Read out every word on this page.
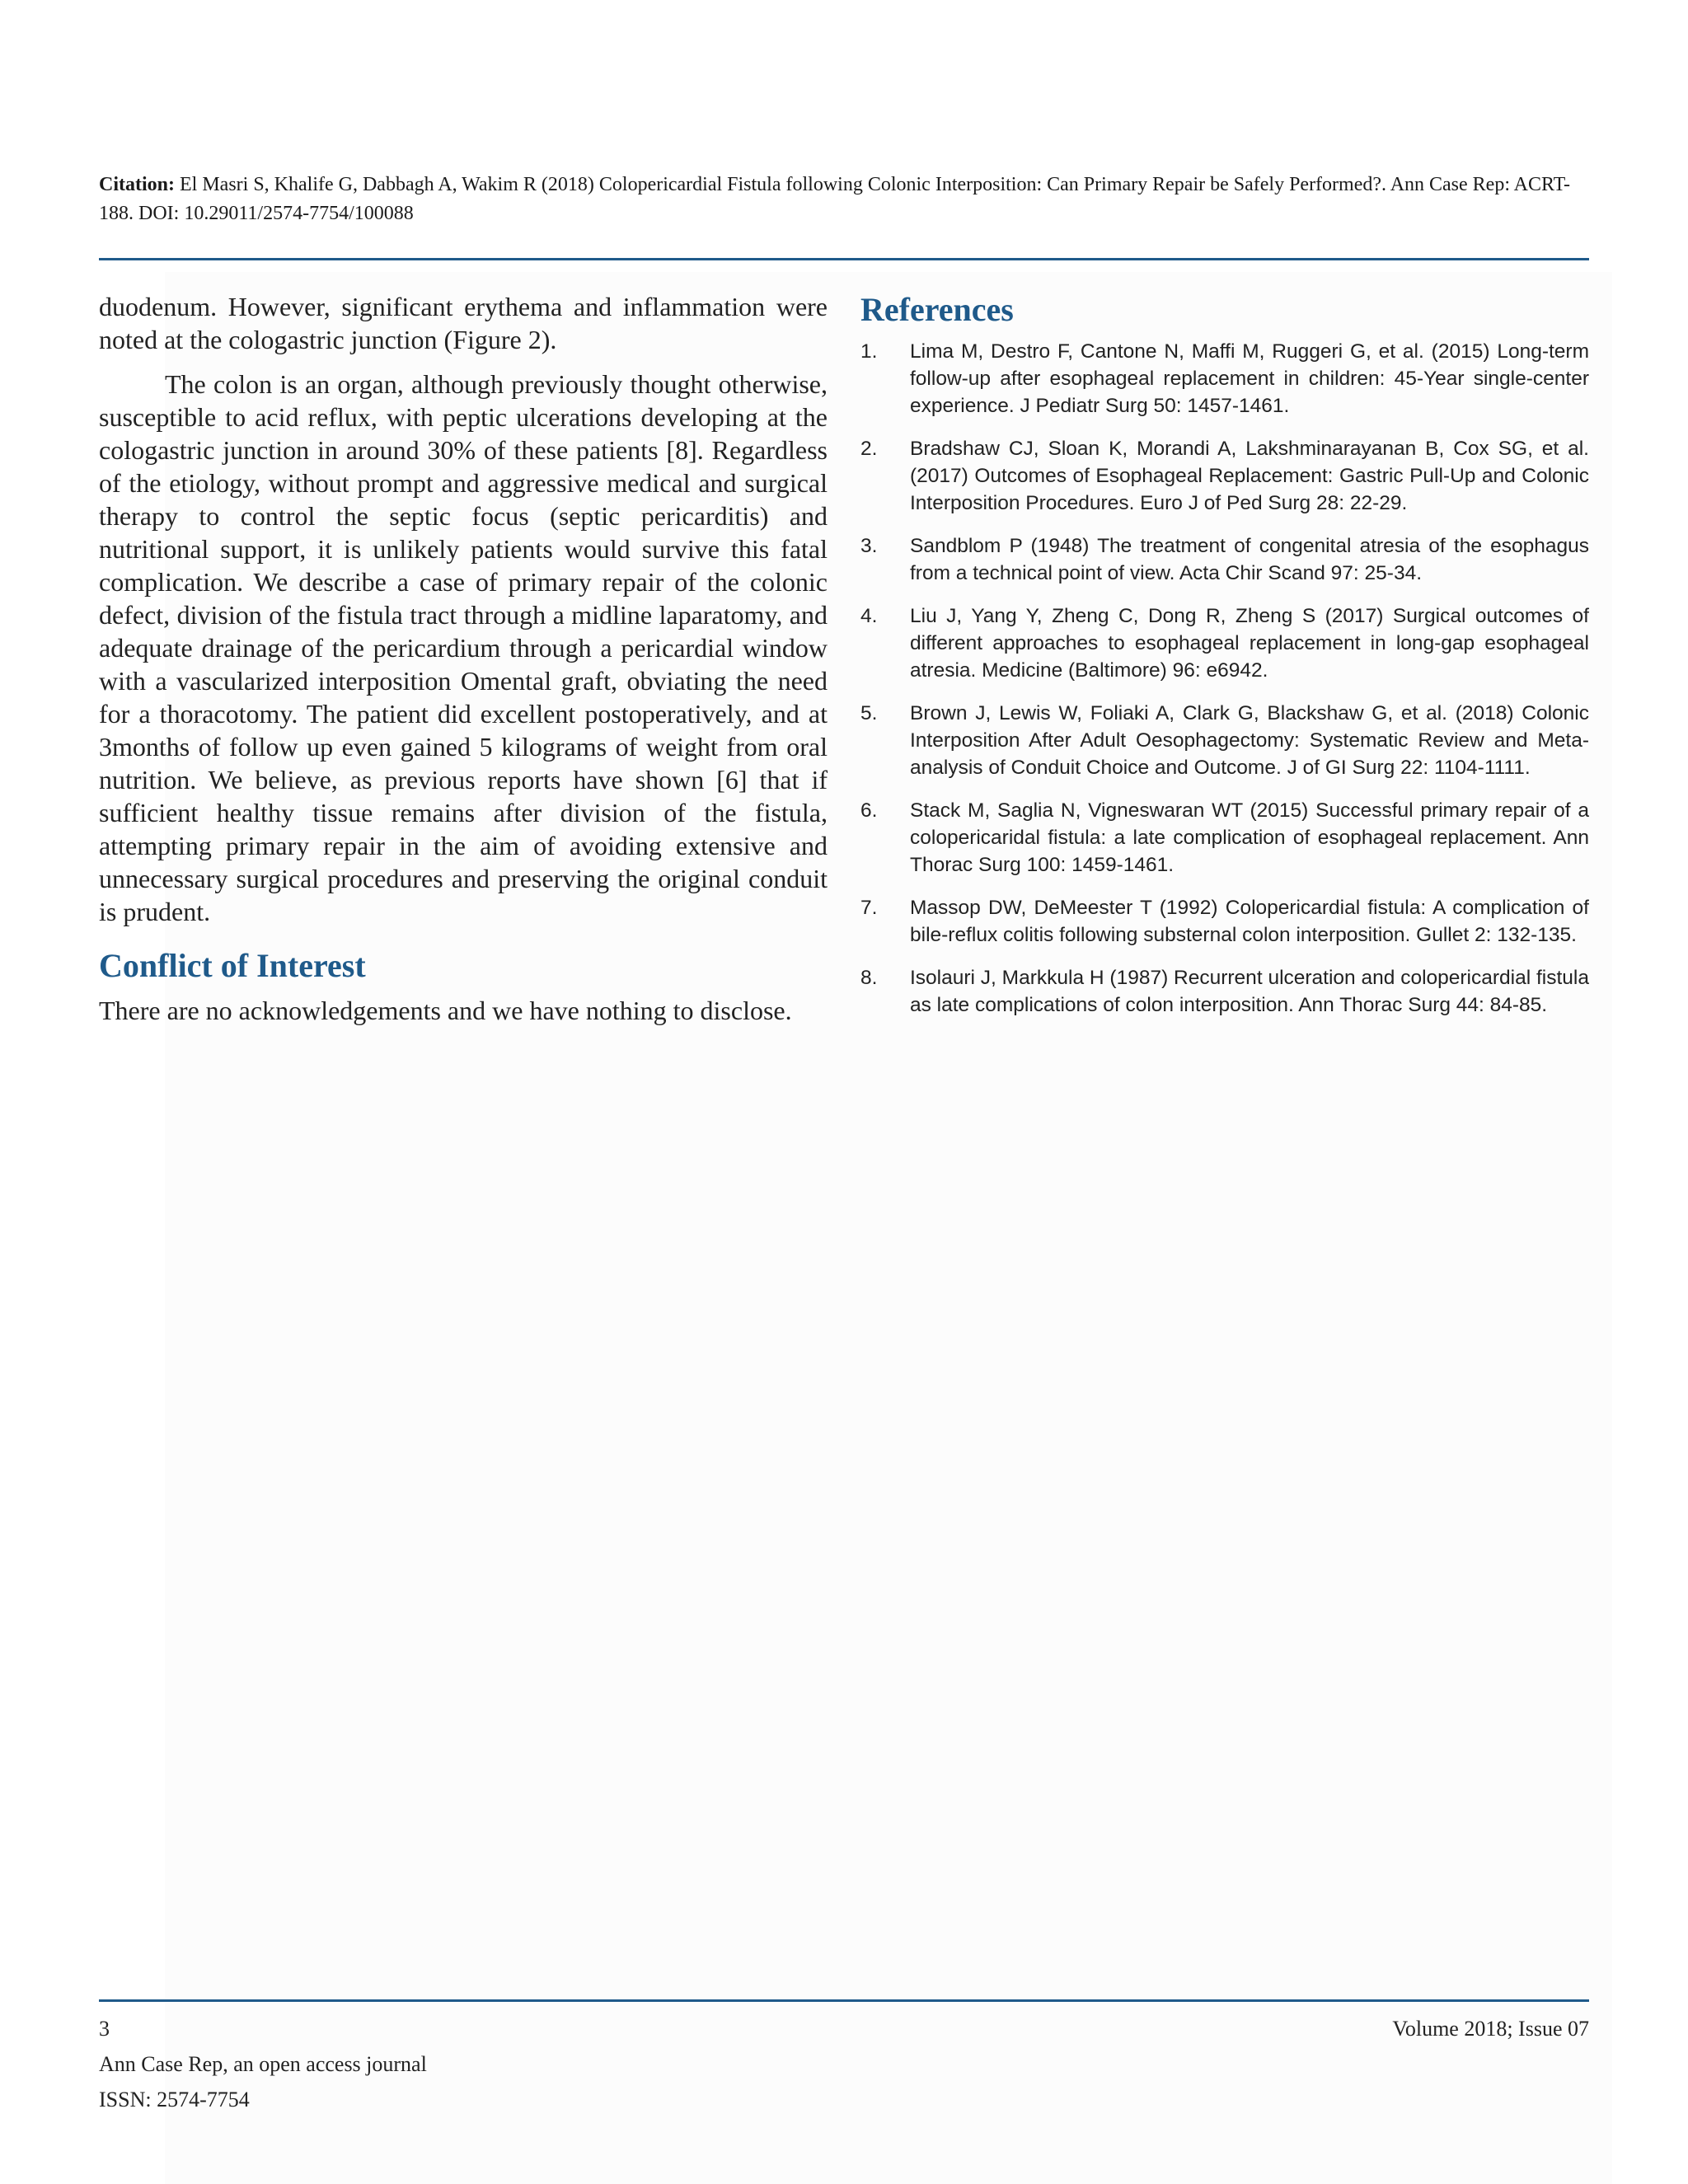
Citation: El Masri S, Khalife G, Dabbagh A, Wakim R (2018) Colopericardial Fistula following Colonic Interposition: Can Primary Repair be Safely Performed?. Ann Case Rep: ACRT-188. DOI: 10.29011/2574-7754/100088

duodenum. However, significant erythema and inflammation were noted at the cologastric junction (Figure 2).

The colon is an organ, although previously thought otherwise, susceptible to acid reflux, with peptic ulcerations developing at the cologastric junction in around 30% of these patients [8]. Regardless of the etiology, without prompt and aggressive medical and surgical therapy to control the septic focus (septic pericarditis) and nutritional support, it is unlikely patients would survive this fatal complication. We describe a case of primary repair of the colonic defect, division of the fistula tract through a midline laparatomy, and adequate drainage of the pericardium through a pericardial window with a vascularized interposition Omental graft, obviating the need for a thoracotomy. The patient did excellent postoperatively, and at 3months of follow up even gained 5 kilograms of weight from oral nutrition. We believe, as previous reports have shown [6] that if sufficient healthy tissue remains after division of the fistula, attempting primary repair in the aim of avoiding extensive and unnecessary surgical procedures and preserving the original conduit is prudent.

Conflict of Interest

There are no acknowledgements and we have nothing to disclose.

References
1. Lima M, Destro F, Cantone N, Maffi M, Ruggeri G, et al. (2015) Long-term follow-up after esophageal replacement in children: 45-Year single-center experience. J Pediatr Surg 50: 1457-1461.
2. Bradshaw CJ, Sloan K, Morandi A, Lakshminarayanan B, Cox SG, et al. (2017) Outcomes of Esophageal Replacement: Gastric Pull-Up and Colonic Interposition Procedures. Euro J of Ped Surg 28: 22-29.
3. Sandblom P (1948) The treatment of congenital atresia of the esophagus from a technical point of view. Acta Chir Scand 97: 25-34.
4. Liu J, Yang Y, Zheng C, Dong R, Zheng S (2017) Surgical outcomes of different approaches to esophageal replacement in long-gap esophageal atresia. Medicine (Baltimore) 96: e6942.
5. Brown J, Lewis W, Foliaki A, Clark G, Blackshaw G, et al. (2018) Colonic Interposition After Adult Oesophagectomy: Systematic Review and Meta-analysis of Conduit Choice and Outcome. J of GI Surg 22: 1104-1111.
6. Stack M, Saglia N, Vigneswaran WT (2015) Successful primary repair of a colopericaridal fistula: a late complication of esophageal replacement. Ann Thorac Surg 100: 1459-1461.
7. Massop DW, DeMeester T (1992) Colopericardial fistula: A complication of bile-reflux colitis following substernal colon interposition. Gullet 2: 132-135.
8. Isolauri J, Markkula H (1987) Recurrent ulceration and colopericardial fistula as late complications of colon interposition. Ann Thorac Surg 44: 84-85.
3	Volume 2018; Issue 07
Ann Case Rep, an open access journal
ISSN: 2574-7754
